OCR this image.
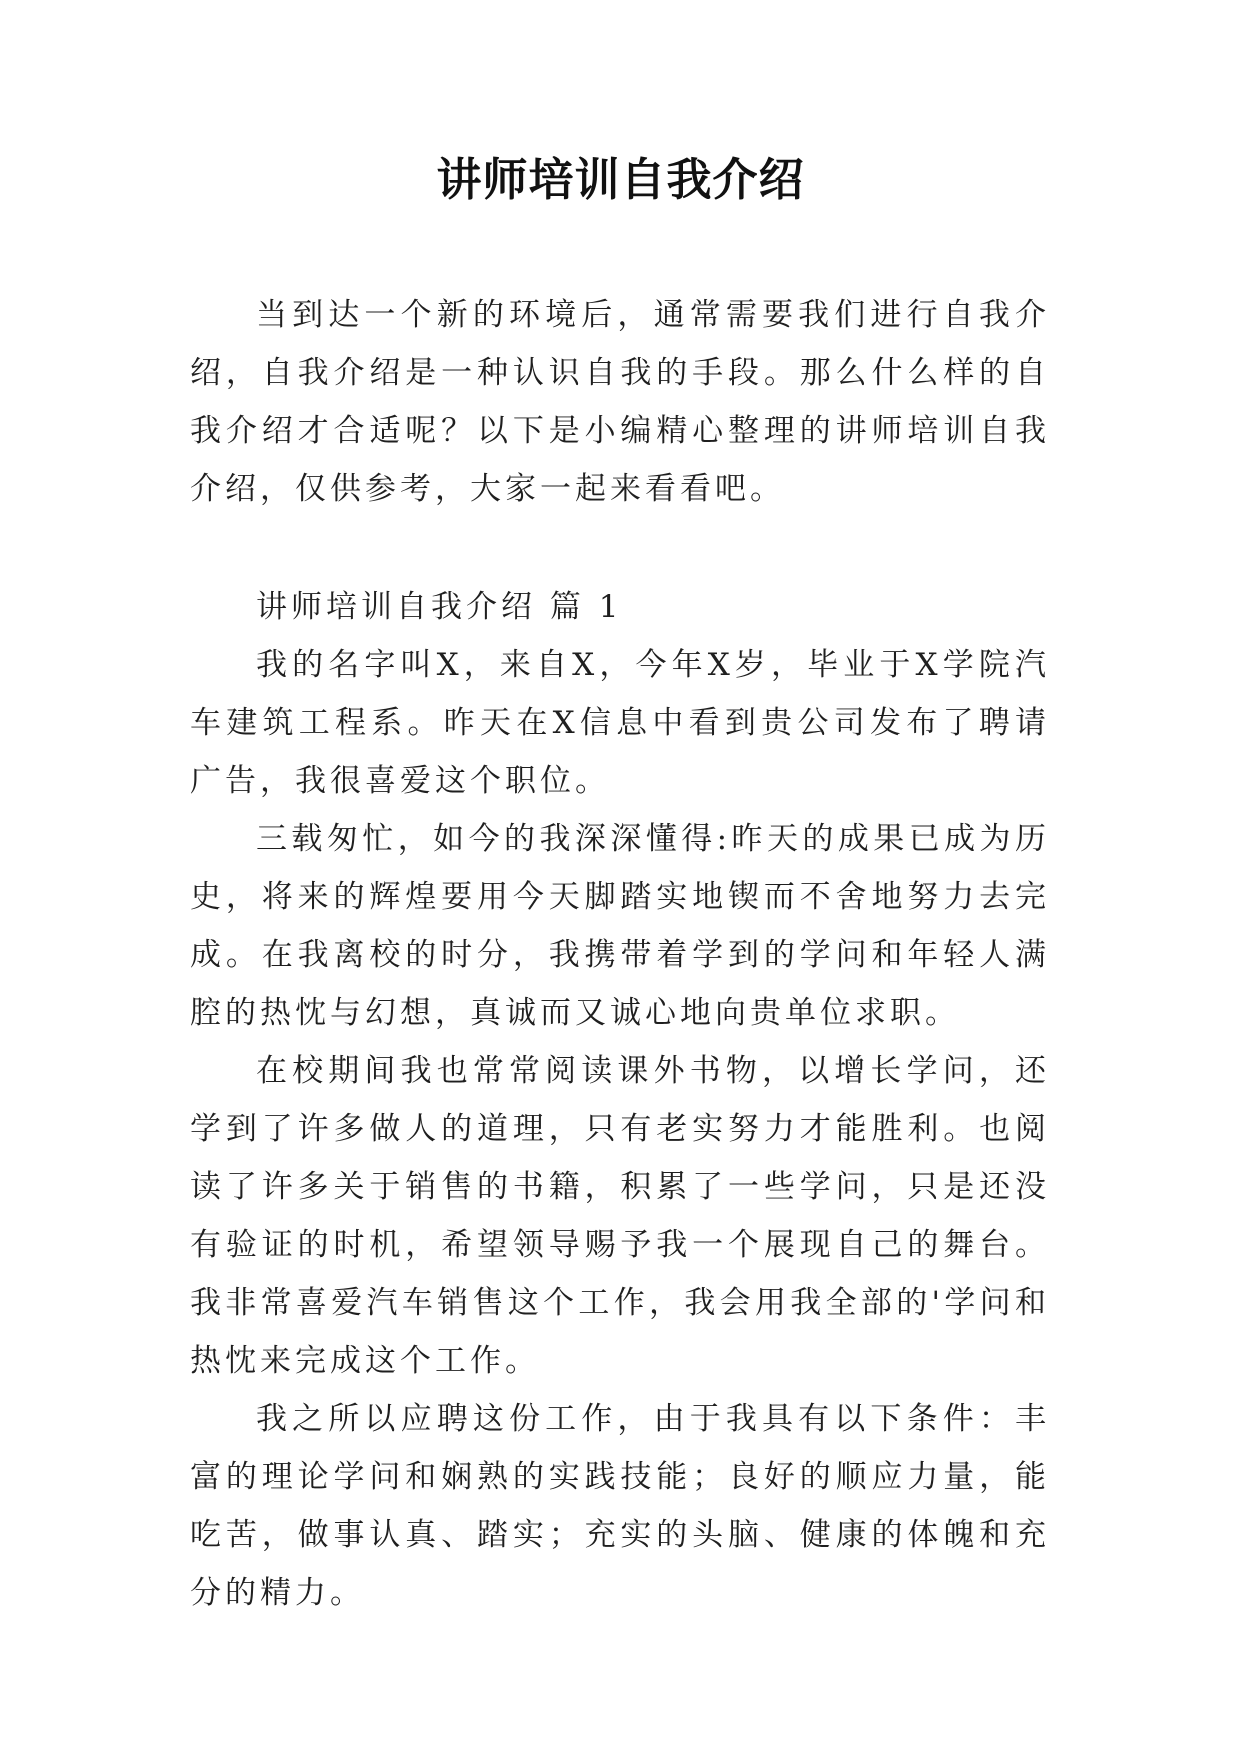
讲师培训自我介绍

当到达一个新的环境后，通常需要我们进行自我介绍，自我介绍是一种认识自我的手段。那么什么样的自我介绍才合适呢？以下是小编精心整理的讲师培训自我介绍，仅供参考，大家一起来看看吧。

讲师培训自我介绍 篇 1

我的名字叫X，来自X，今年X岁，毕业于X学院汽车建筑工程系。昨天在X信息中看到贵公司发布了聘请广告，我很喜爱这个职位。

三载匆忙，如今的我深深懂得:昨天的成果已成为历史，将来的辉煌要用今天脚踏实地锲而不舍地努力去完成。在我离校的时分，我携带着学到的学问和年轻人满腔的热忱与幻想，真诚而又诚心地向贵单位求职。

在校期间我也常常阅读课外书物，以增长学问，还学到了许多做人的道理，只有老实努力才能胜利。也阅读了许多关于销售的书籍，积累了一些学问，只是还没有验证的时机，希望领导赐予我一个展现自己的舞台。我非常喜爱汽车销售这个工作，我会用我全部的'学问和热忱来完成这个工作。

我之所以应聘这份工作，由于我具有以下条件：丰富的理论学问和娴熟的实践技能；良好的顺应力量，能吃苦，做事认真、踏实；充实的头脑、健康的体魄和充分的精力。
